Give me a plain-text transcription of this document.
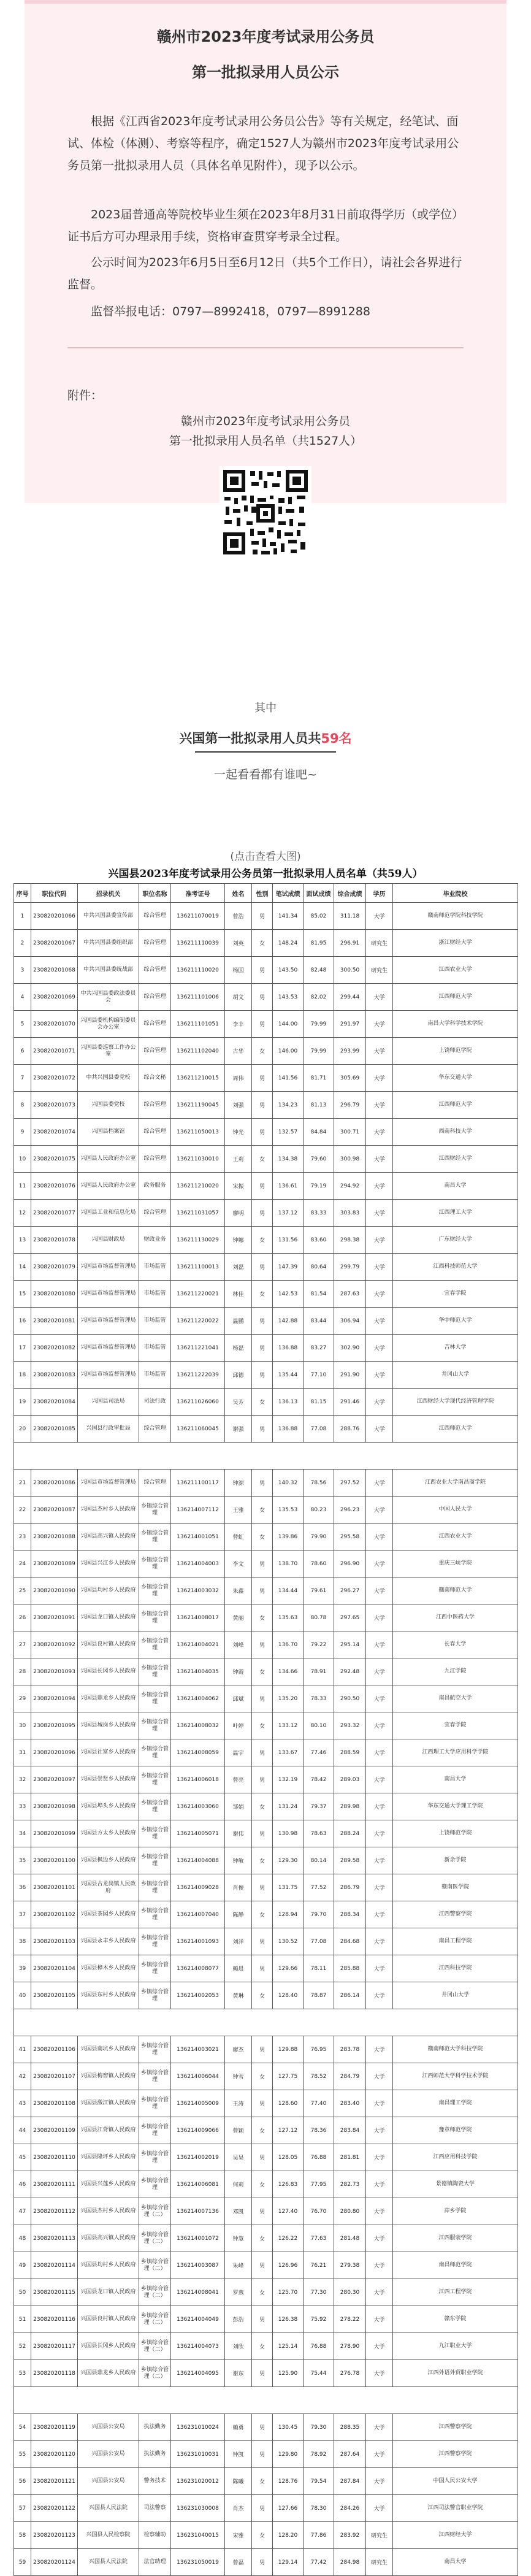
赣州市2023年度考试录用公务员
第一批拟录用人员公示
根据《江西省2023年度考试录用公务员公告》等有关规定，经笔试、面试、体检（体测）、考察等程序，确定1527人为赣州市2023年度考试录用公务员第一批拟录用人员（具体名单见附件），现予以公示。
2023届普通高等院校毕业生须在2023年8月31日前取得学历（或学位）证书后方可办理录用手续，资格审查贯穿考录全过程。
公示时间为2023年6月5日至6月12日（共5个工作日），请社会各界进行监督。
监督举报电话：0797—8992418，0797—8991288
附件：
赣州市2023年度考试录用公务员
第一批拟录用人员名单（共1527人）
其中
兴国第一批拟录用人员共59名
一起看看都有谁吧~
(点击查看大图)
兴国县2023年度考试录用公务员第一批拟录用人员名单（共59人）
序号	职位代码	招录机关	职位名称	准考证号	姓名	性别	笔试成绩	面试成绩	综合成绩	学历	毕业院校
1	230820201066	中共兴国县委宣传部	综合管理	136211070019	曾浩	男	141.34	85.02	311.18	大学	赣南师范学院科技学院
2	230820201067	中共兴国县委组织部	综合管理	136211110039	刘英	女	148.24	81.95	296.91	研究生	浙江财经大学
3	230820201068	中共兴国县委统战部	综合管理	136211110020	杨国	男	143.50	82.48	300.50	研究生	江西农业大学
4	230820201069	中共兴国县委政法委员会	综合管理	136211101006	胡文	男	143.53	82.02	299.44	大学	江西师范大学
5	230820201070	兴国县委机构编制委员会办公室	综合管理	136211101051	李丰	男	144.00	79.99	291.97	大学	南昌大学科学技术学院
6	230820201071	兴国县委巡察工作办公室	综合管理	136211102040	古华	女	146.00	79.99	293.99	大学	上饶师范学院
7	230820201072	中共兴国县委党校	综合文秘	136211210015	周伟	男	141.56	81.71	305.69	大学	华东交通大学
8	230820201073	兴国县委党校	综合管理	136211190045	刘强	男	134.23	81.13	296.79	大学	江西师范大学
9	230820201074	兴国县档案馆	综合管理	136211050013	钟光	男	132.57	84.84	300.71	大学	西南科技大学
10	230820201075	兴国县人民政府办公室	综合管理	136211030010	王莉	女	134.38	79.60	300.98	大学	江西财经大学
11	230820201076	兴国县人民政府办公室	政务服务	136211210020	宋振	男	136.61	79.19	294.92	大学	南昌大学
12	230820201077	兴国县工业和信息化局	综合管理	136211031057	廖明	男	137.12	83.33	303.83	大学	江西理工大学
13	230820201078	兴国县财政局	财政业务	136211130029	钟娜	女	131.56	83.60	298.38	大学	广东财经大学
14	230820201079	兴国县市场监督管理局	市场监管	136211100013	刘磊	男	147.39	80.64	299.79	大学	江西科技师范大学
15	230820201080	兴国县市场监督管理局	市场监管	136211220021	林佳	女	142.53	81.54	287.63	大学	宜春学院
16	230820201081	兴国县市场监督管理局	市场监管	136211220022	温鹏	男	142.88	83.44	306.94	大学	华中师范大学
17	230820201082	兴国县市场监督管理局	市场监管	136211221041	杨磊	男	136.88	83.27	302.90	大学	吉林大学
18	230820201083	兴国县市场监督管理局	市场监管	136211222039	邱德	男	135.44	77.10	291.90	大学	井冈山大学
19	230820201084	兴国县司法局	司法行政	136211026060	吴芳	女	136.13	81.15	291.46	大学	江西财经大学现代经济管理学院
20	230820201085	兴国县行政审批局	综合管理	136211060045	谢强	男	136.88	77.08	288.76	大学	江西师范大学

21	230820201086	兴国县市场监督管理局	综合管理	136211100117	钟源	男	140.32	78.56	297.52	大学	江西农业大学南昌商学院
22	230820201087	兴国县杰村乡人民政府	乡镇综合管理	136214007112	王雅	女	135.53	80.23	296.23	大学	中国人民大学
23	230820201088	兴国县高兴镇人民政府	乡镇综合管理	136214001051	曾虹	女	139.86	79.90	295.58	大学	江西农业大学
24	230820201089	兴国县兴江乡人民政府	乡镇综合管理	136214004003	李文	男	138.70	78.60	296.90	大学	重庆三峡学院
25	230820201090	兴国县均村乡人民政府	乡镇综合管理	136214003032	朱鑫	男	134.44	79.61	296.27	大学	赣南师范大学
26	230820201091	兴国县龙口镇人民政府	乡镇综合管理	136214008017	黄丽	女	135.63	80.78	297.65	大学	江西中医药大学
27	230820201092	兴国县良村镇人民政府	乡镇综合管理	136214004021	刘峰	男	136.70	79.22	295.14	大学	长春大学
28	230820201093	兴国县长冈乡人民政府	乡镇综合管理	136214004035	钟霞	女	134.66	78.91	292.48	大学	九江学院
29	230820201094	兴国县鼎龙乡人民政府	乡镇综合管理	136214004062	邱斌	男	135.20	78.33	290.50	大学	南昌航空大学
30	230820201095	兴国县城岗乡人民政府	乡镇综合管理	136214008032	叶婷	女	133.12	80.10	293.32	大学	宜春学院
31	230820201096	兴国县社富乡人民政府	乡镇综合管理	136214008059	温宇	男	133.67	77.46	288.59	大学	江西理工大学应用科学学院
32	230820201097	兴国县崇贤乡人民政府	乡镇综合管理	136214006018	曾亮	男	132.19	78.42	289.03	大学	南昌大学
33	230820201098	兴国县埠头乡人民政府	乡镇综合管理	136214003060	邹娟	女	131.24	79.37	289.98	大学	华东交通大学理工学院
34	230820201099	兴国县方太乡人民政府	乡镇综合管理	136214005071	谢伟	男	130.98	78.63	288.24	大学	上饶师范学院
35	230820201100	兴国县枫边乡人民政府	乡镇综合管理	136214004088	钟敏	女	129.30	80.14	289.58	大学	新余学院
36	230820201101	兴国县古龙岗镇人民政府	乡镇综合管理	136214009028	肖俊	男	131.75	77.52	286.79	大学	赣南医学院
37	230820201102	兴国县茶园乡人民政府	乡镇综合管理	136214007040	陈静	女	128.94	79.70	288.34	大学	江西警察学院
38	230820201103	兴国县永丰乡人民政府	乡镇综合管理	136214001093	刘洋	男	130.52	77.08	284.68	大学	南昌工程学院
39	230820201104	兴国县樟木乡人民政府	乡镇综合管理	136214008077	赖晨	男	129.66	78.11	285.88	大学	江西科技学院
40	230820201105	兴国县东村乡人民政府	乡镇综合管理	136214002053	黄琳	女	128.40	78.87	286.14	大学	井冈山大学

41	230820201106	兴国县南坑乡人民政府	乡镇综合管理	136214003021	廖杰	男	129.88	76.95	283.78	大学	赣南师范大学科技学院
42	230820201107	兴国县梅窖镇人民政府	乡镇综合管理	136214006044	钟雪	女	127.75	78.52	284.79	大学	江西师范大学科学技术学院
43	230820201108	兴国县潋江镇人民政府	乡镇综合管理	136214005009	王涛	男	128.60	77.40	283.40	大学	南昌理工学院
44	230820201109	兴国县江背镇人民政府	乡镇综合管理	136214009066	曾颖	女	127.12	78.36	283.84	大学	豫章师范学院
45	230820201110	兴国县隆坪乡人民政府	乡镇综合管理	136214002019	吴昊	男	128.05	76.88	281.81	大学	江西应用科技学院
46	230820201111	兴国县兴莲乡人民政府	乡镇综合管理	136214006081	何莉	女	126.83	77.95	282.73	大学	景德镇陶瓷大学
47	230820201112	兴国县杰村乡人民政府	乡镇综合管理（二）	136214007136	邓凯	男	127.40	76.70	280.80	大学	萍乡学院
48	230820201113	兴国县高兴镇人民政府	乡镇综合管理（二）	136214001072	钟慧	女	126.22	77.63	281.48	大学	江西服装学院
49	230820201114	兴国县均村乡人民政府	乡镇综合管理（二）	136214003087	朱峰	男	126.96	76.21	279.38	大学	南昌师范学院
50	230820201115	兴国县龙口镇人民政府	乡镇综合管理（二）	136214008041	罗燕	女	125.70	77.30	280.30	大学	江西工程学院
51	230820201116	兴国县良村镇人民政府	乡镇综合管理（二）	136214004049	彭浩	男	126.38	75.92	278.22	大学	赣东学院
52	230820201117	兴国县长冈乡人民政府	乡镇综合管理（二）	136214004073	刘欣	女	125.14	76.88	278.90	大学	九江职业大学
53	230820201118	兴国县鼎龙乡人民政府	乡镇综合管理（二）	136214004095	谢东	男	125.90	75.44	276.78	大学	江西外语外贸职业学院

54	230820201119	兴国县公安局	执法勤务	136231010024	赖勇	男	130.45	79.30	288.35	大学	江西警察学院
55	230820201120	兴国县公安局	执法勤务	136231010031	钟凯	男	129.80	78.92	287.64	大学	江西警察学院
56	230820201121	兴国县公安局	警务技术	136231020012	陈曦	女	128.76	79.54	287.84	大学	中国人民公安大学
57	230820201122	兴国县人民法院	司法警察	136231030008	肖杰	男	127.66	78.30	284.26	大学	江西司法警官职业学院
58	230820201123	兴国县人民检察院	检察辅助	136231040015	宋雅	女	128.20	77.86	283.92	研究生	江西财经大学
59	230820201124	兴国县人民法院	法官助理	136231050019	曾磊	男	129.14	77.42	284.98	研究生	南昌大学
